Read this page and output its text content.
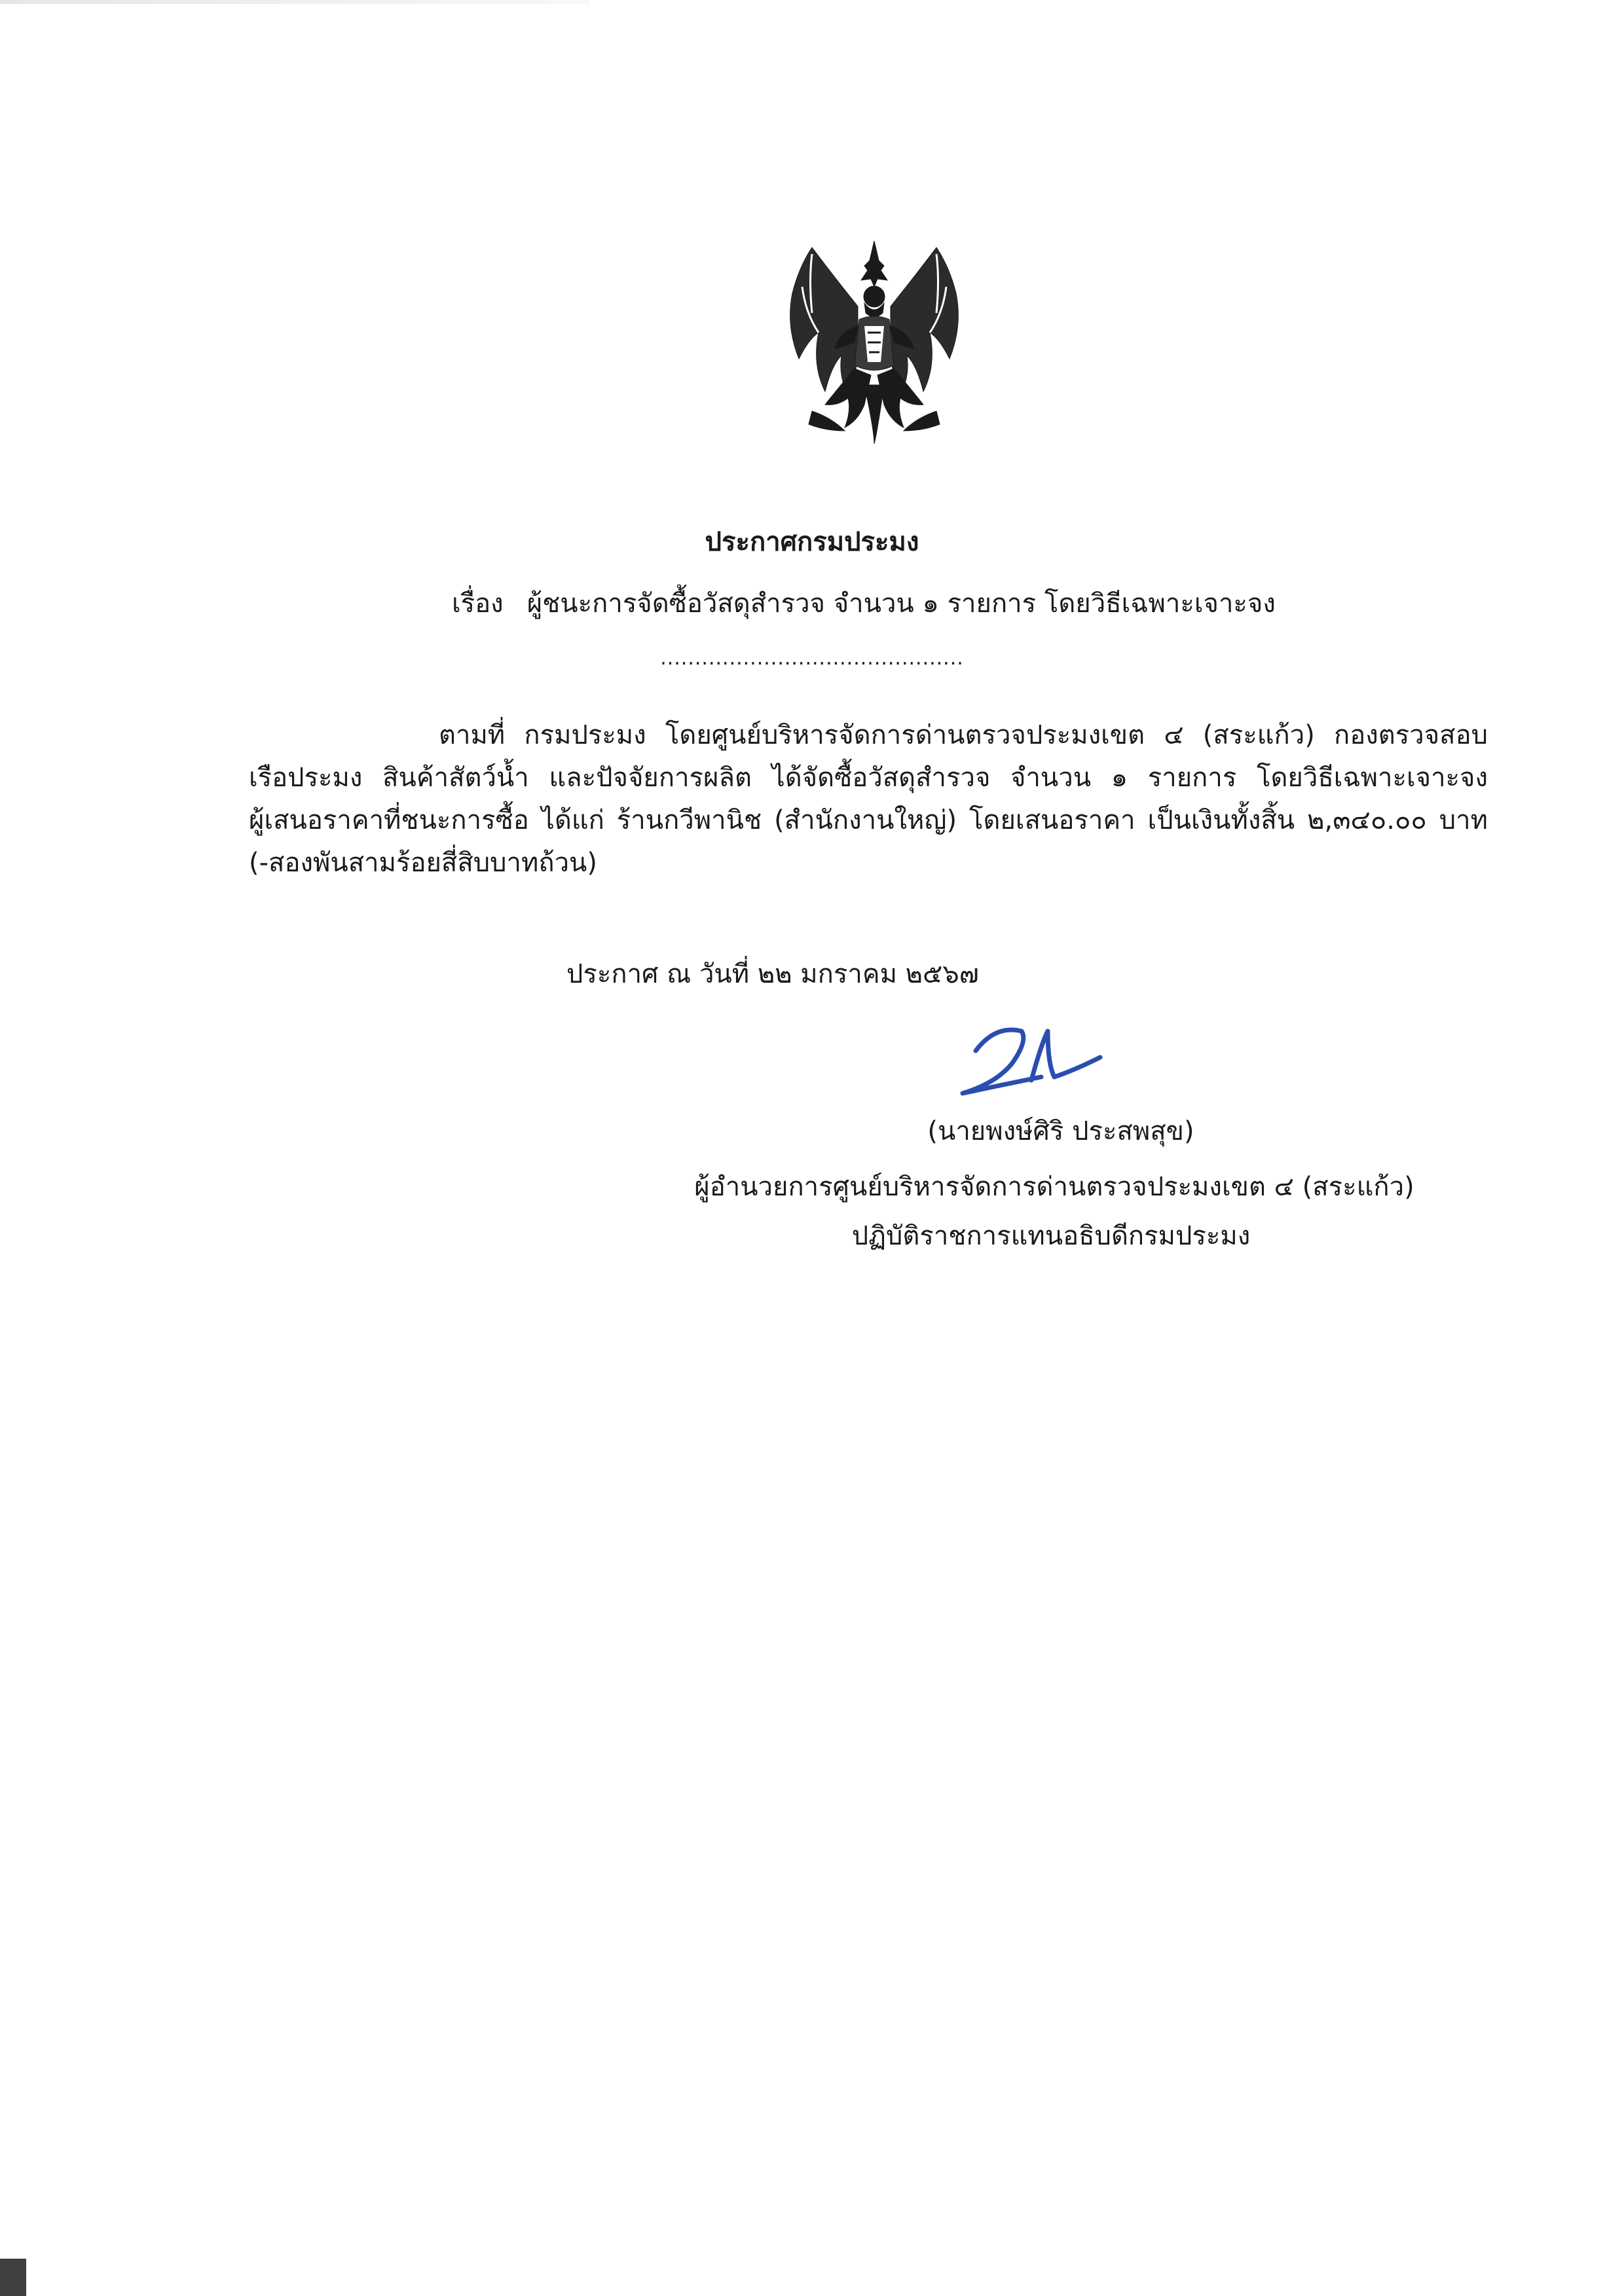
ประกาศกรมประมง
เรื่อง ผู้ชนะการจัดซื้อวัสดุสำรวจ จำนวน ๑ รายการ โดยวิธีเฉพาะเจาะจง
............................................
ตามที่ กรมประมง โดยศูนย์บริหารจัดการด่านตรวจประมงเขต ๔ (สระแก้ว) กองตรวจสอบ
เรือประมง สินค้าสัตว์น้ำ และปัจจัยการผลิต ได้จัดซื้อวัสดุสำรวจ จำนวน ๑ รายการ โดยวิธีเฉพาะเจาะจง
ผู้เสนอราคาที่ชนะการซื้อ ได้แก่ ร้านกวีพานิช (สำนักงานใหญ่) โดยเสนอราคา เป็นเงินทั้งสิ้น ๒,๓๔๐.๐๐ บาท
(-สองพันสามร้อยสี่สิบบาทถ้วน)
ประกาศ ณ วันที่ ๒๒ มกราคม ๒๕๖๗
(นายพงษ์ศิริ ประสพสุข)
ผู้อำนวยการศูนย์บริหารจัดการด่านตรวจประมงเขต ๔ (สระแก้ว)
ปฏิบัติราชการแทนอธิบดีกรมประมง
